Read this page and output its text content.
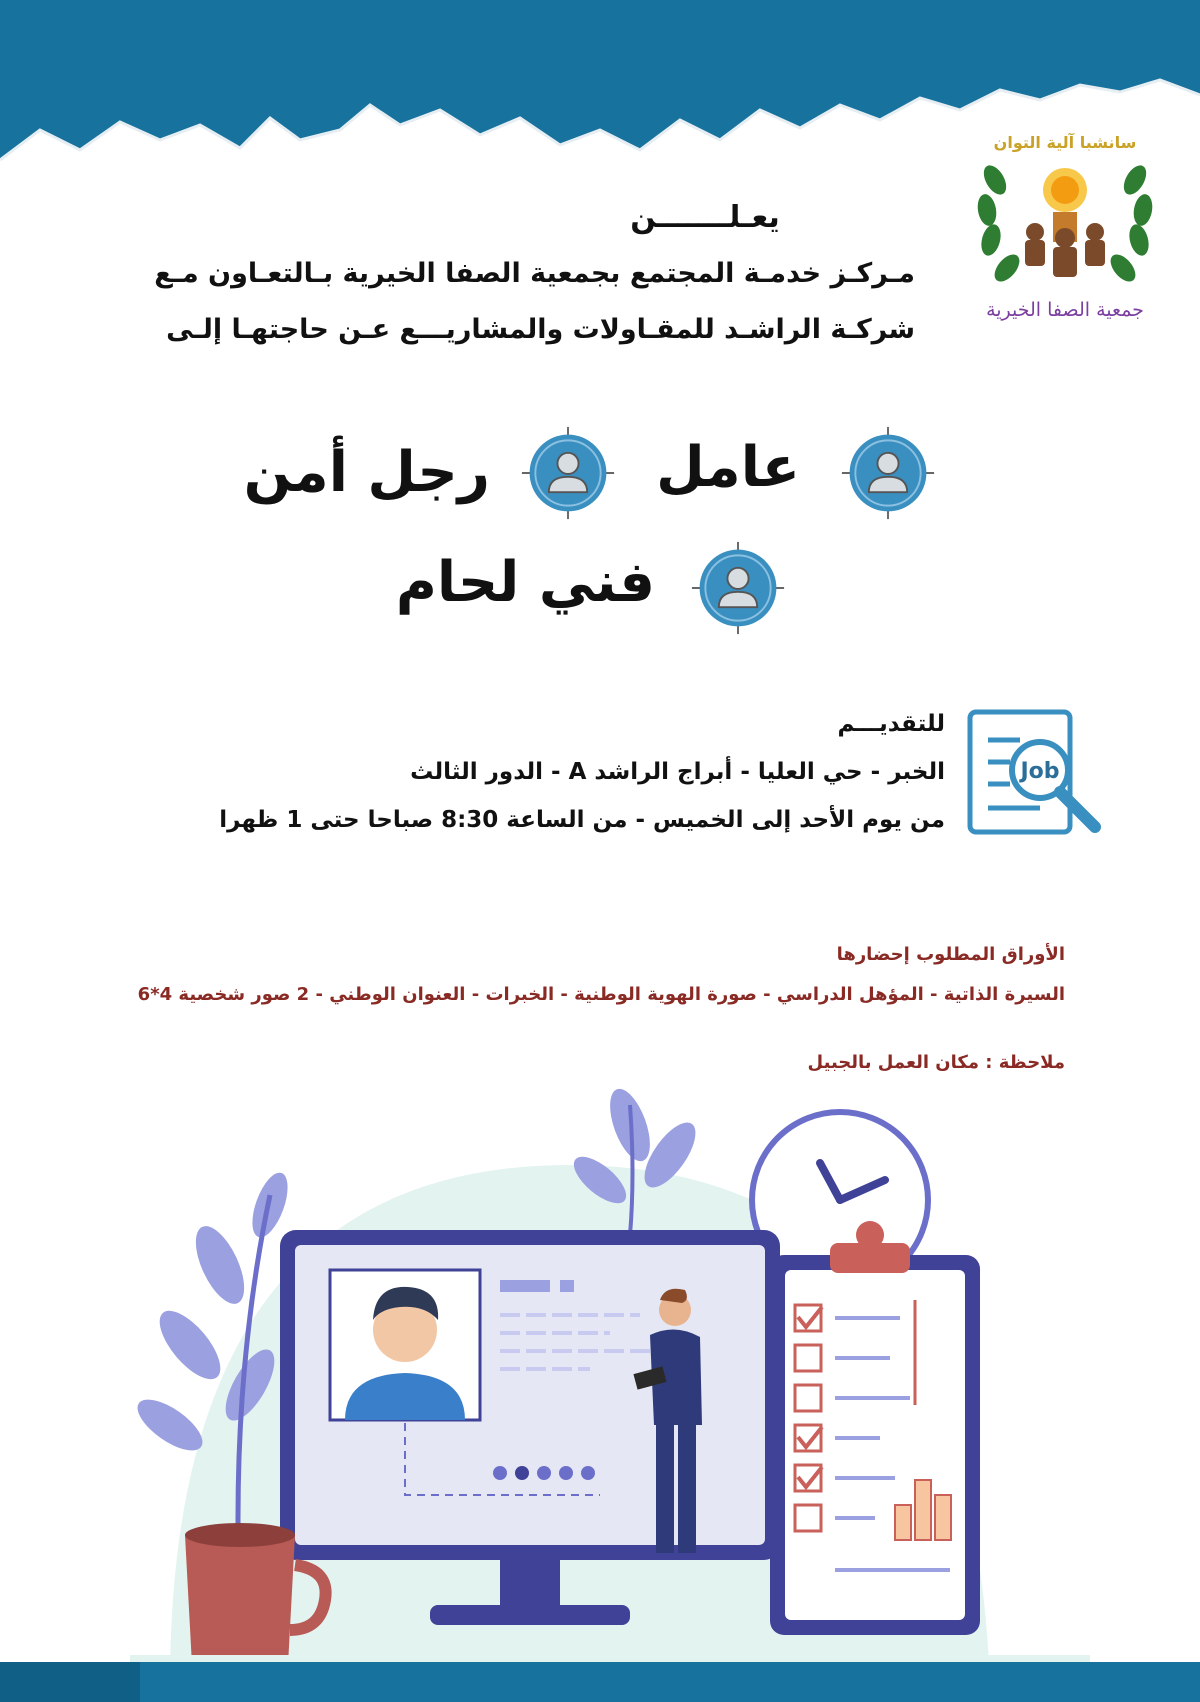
سانشبا آلية التوان
جمعية الصفا الخيرية
يعـلـــــــن
مـركـز خدمـة المجتمع بجمعية الصفا الخيرية بـالتعـاون مـع
شركـة الراشـد للمقـاولات والمشاريـــع عـن حاجتهـا إلـى
عامل
رجل أمن
فني لحام
Job
للتقديـــم
الخبر - حي العليا - أبراج الراشد A - الدور الثالث
من يوم الأحد إلى الخميس - من الساعة 8:30 صباحا حتى 1 ظهرا
الأوراق المطلوب إحضارها
السيرة الذاتية - المؤهل الدراسي - صورة الهوية الوطنية - الخبرات - العنوان الوطني - 2 صور شخصية 4*6
ملاحظة : مكان العمل بالجبيل
